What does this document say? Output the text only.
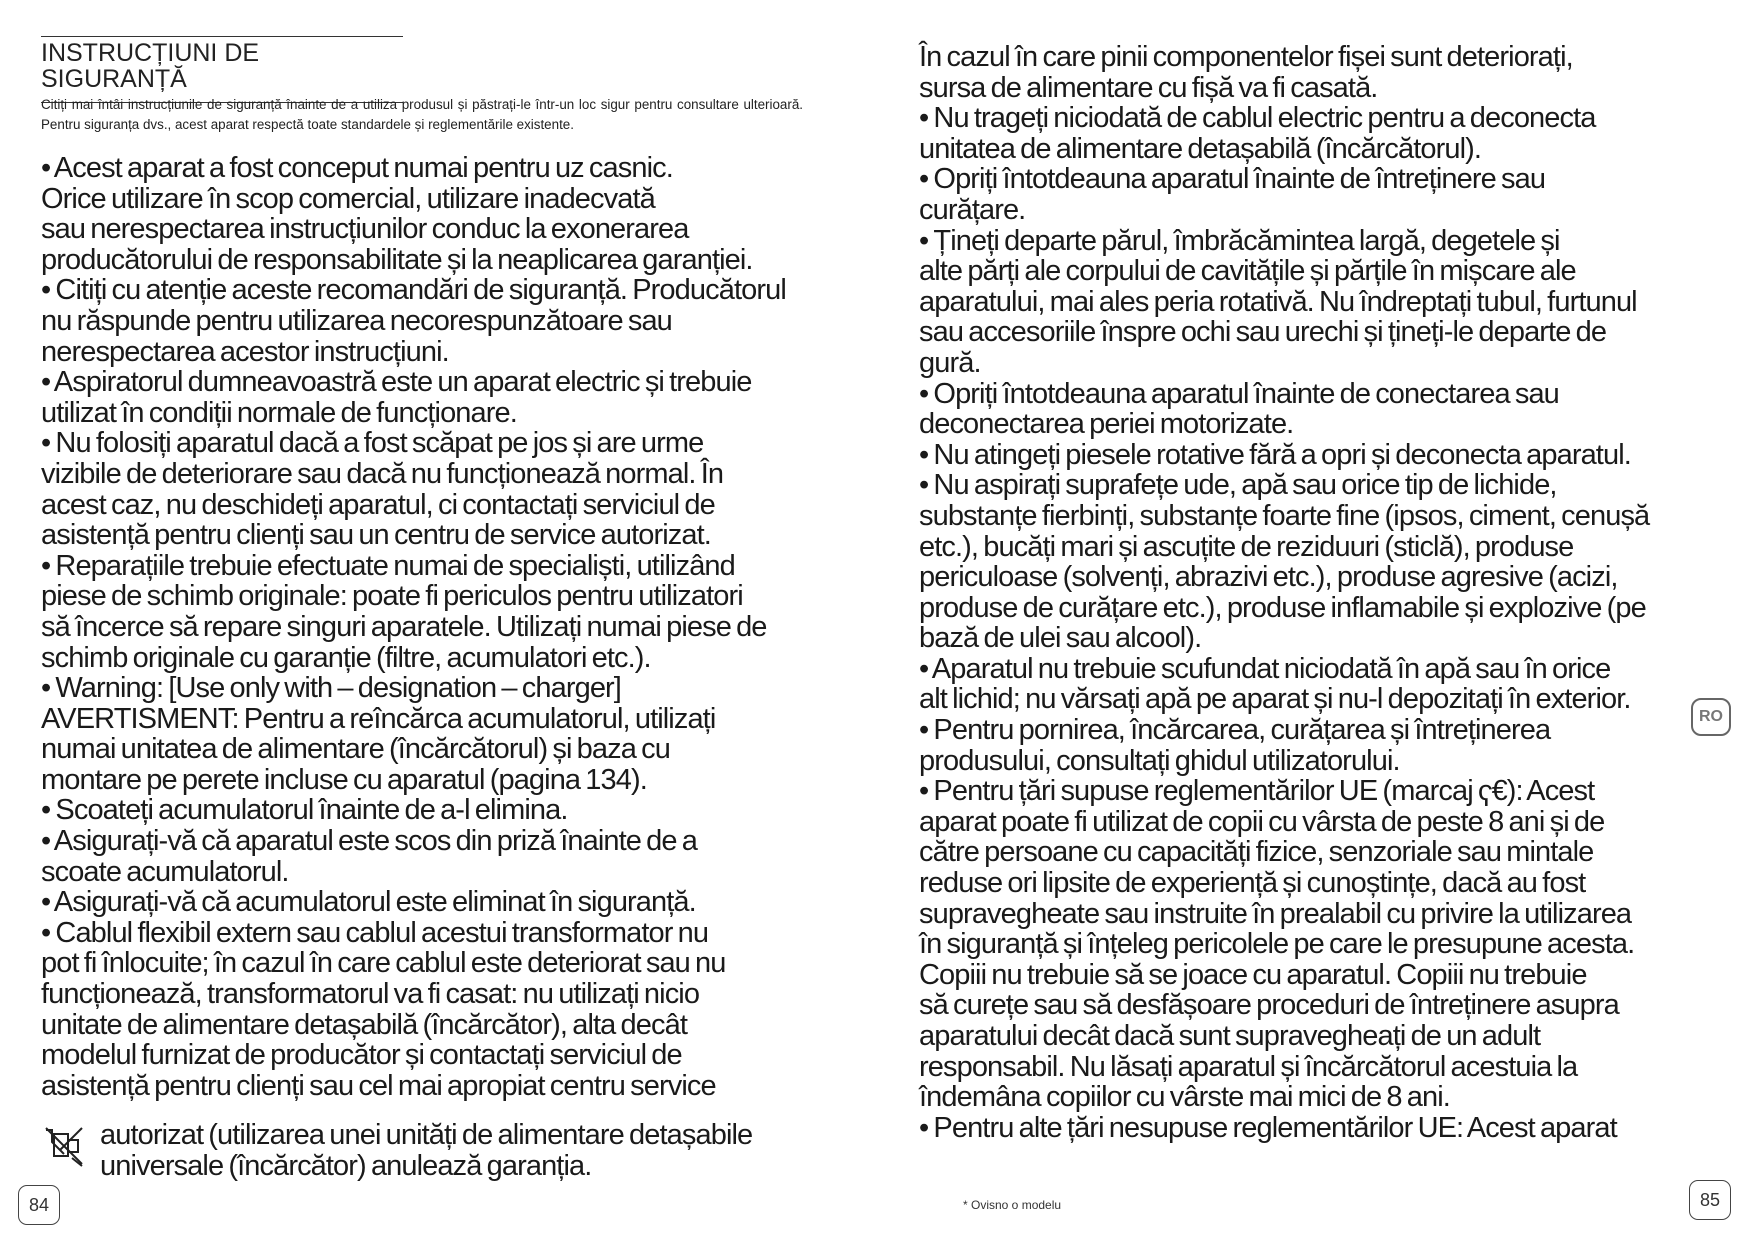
INSTRUCȚIUNI DE SIGURANȚĂ

Citiți mai întâi instrucțiunile de siguranță înainte de a utiliza produsul și păstrați-le într-un loc sigur pentru consultare ulterioară. Pentru siguranța dvs., acest aparat respectă toate standardele și reglementările existente.

• Acest aparat a fost conceput numai pentru uz casnic.
Orice utilizare în scop comercial, utilizare inadecvată
sau nerespectarea instrucțiunilor conduc la exonerarea
producătorului de responsabilitate și la neaplicarea garanției.
• Citiți cu atenție aceste recomandări de siguranță. Producătorul
nu răspunde pentru utilizarea necorespunzătoare sau
nerespectarea acestor instrucțiuni.
• Aspiratorul dumneavoastră este un aparat electric și trebuie
utilizat în condiții normale de funcționare.
• Nu folosiți aparatul dacă a fost scăpat pe jos și are urme
vizibile de deteriorare sau dacă nu funcționează normal. În
acest caz, nu deschideți aparatul, ci contactați serviciul de
asistență pentru clienți sau un centru de service autorizat.
• Reparațiile trebuie efectuate numai de specialiști, utilizând
piese de schimb originale: poate fi periculos pentru utilizatori
să încerce să repare singuri aparatele. Utilizați numai piese de
schimb originale cu garanție (filtre, acumulatori etc.).
• Warning: [Use only with – designation – charger]
AVERTISMENT: Pentru a reîncărca acumulatorul, utilizați
numai unitatea de alimentare (încărcătorul) și baza cu
montare pe perete incluse cu aparatul (pagina 134).
• Scoateți acumulatorul înainte de a-l elimina.
• Asigurați-vă că aparatul este scos din priză înainte de a
scoate acumulatorul.
• Asigurați-vă că acumulatorul este eliminat în siguranță.
• Cablul flexibil extern sau cablul acestui transformator nu
pot fi înlocuite; în cazul în care cablul este deteriorat sau nu
funcționează, transformatorul va fi casat: nu utilizați nicio
unitate de alimentare detașabilă (încărcător), alta decât
modelul furnizat de producător și contactați serviciul de
asistență pentru clienți sau cel mai apropiat centru service
autorizat (utilizarea unei unități de alimentare detașabile
universale (încărcător) anulează garanția.
84
În cazul în care pinii componentelor fișei sunt deteriorați,
sursa de alimentare cu fișă va fi casată.
• Nu trageți niciodată de cablul electric pentru a deconecta
unitatea de alimentare detașabilă (încărcătorul).
• Opriți întotdeauna aparatul înainte de întreținere sau
curățare.
• Țineți departe părul, îmbrăcămintea largă, degetele și
alte părți ale corpului de cavitățile și părțile în mișcare ale
aparatului, mai ales peria rotativă. Nu îndreptați tubul, furtunul
sau accesoriile înspre ochi sau urechi și țineți-le departe de
gură.
• Opriți întotdeauna aparatul înainte de conectarea sau
deconectarea periei motorizate.
• Nu atingeți piesele rotative fără a opri și deconecta aparatul.
• Nu aspirați suprafețe ude, apă sau orice tip de lichide,
substanțe fierbinți, substanțe foarte fine (ipsos, ciment, cenușă
etc.), bucăți mari și ascuțite de reziduuri (sticlă), produse
periculoase (solvenți, abrazivi etc.), produse agresive (acizi,
produse de curățare etc.), produse inflamabile și explozive (pe
bază de ulei sau alcool).
• Aparatul nu trebuie scufundat niciodată în apă sau în orice
alt lichid; nu vărsați apă pe aparat și nu-l depozitați în exterior.
• Pentru pornirea, încărcarea, curățarea și întreținerea
produsului, consultați ghidul utilizatorului.
• Pentru țări supuse reglementărilor UE (marcaj ҁ€): Acest
aparat poate fi utilizat de copii cu vârsta de peste 8 ani și de
către persoane cu capacități fizice, senzoriale sau mintale
reduse ori lipsite de experiență și cunoștințe, dacă au fost
supravegheate sau instruite în prealabil cu privire la utilizarea
în siguranță și înțeleg pericolele pe care le presupune acesta.
Copiii nu trebuie să se joace cu aparatul. Copiii nu trebuie
să curețe sau să desfășoare proceduri de întreținere asupra
aparatului decât dacă sunt supravegheați de un adult
responsabil. Nu lăsați aparatul și încărcătorul acestuia la
îndemâna copiilor cu vârste mai mici de 8 ani.
• Pentru alte țări nesupuse reglementărilor UE: Acest aparat
RO
* Ovisno o modelu	85
